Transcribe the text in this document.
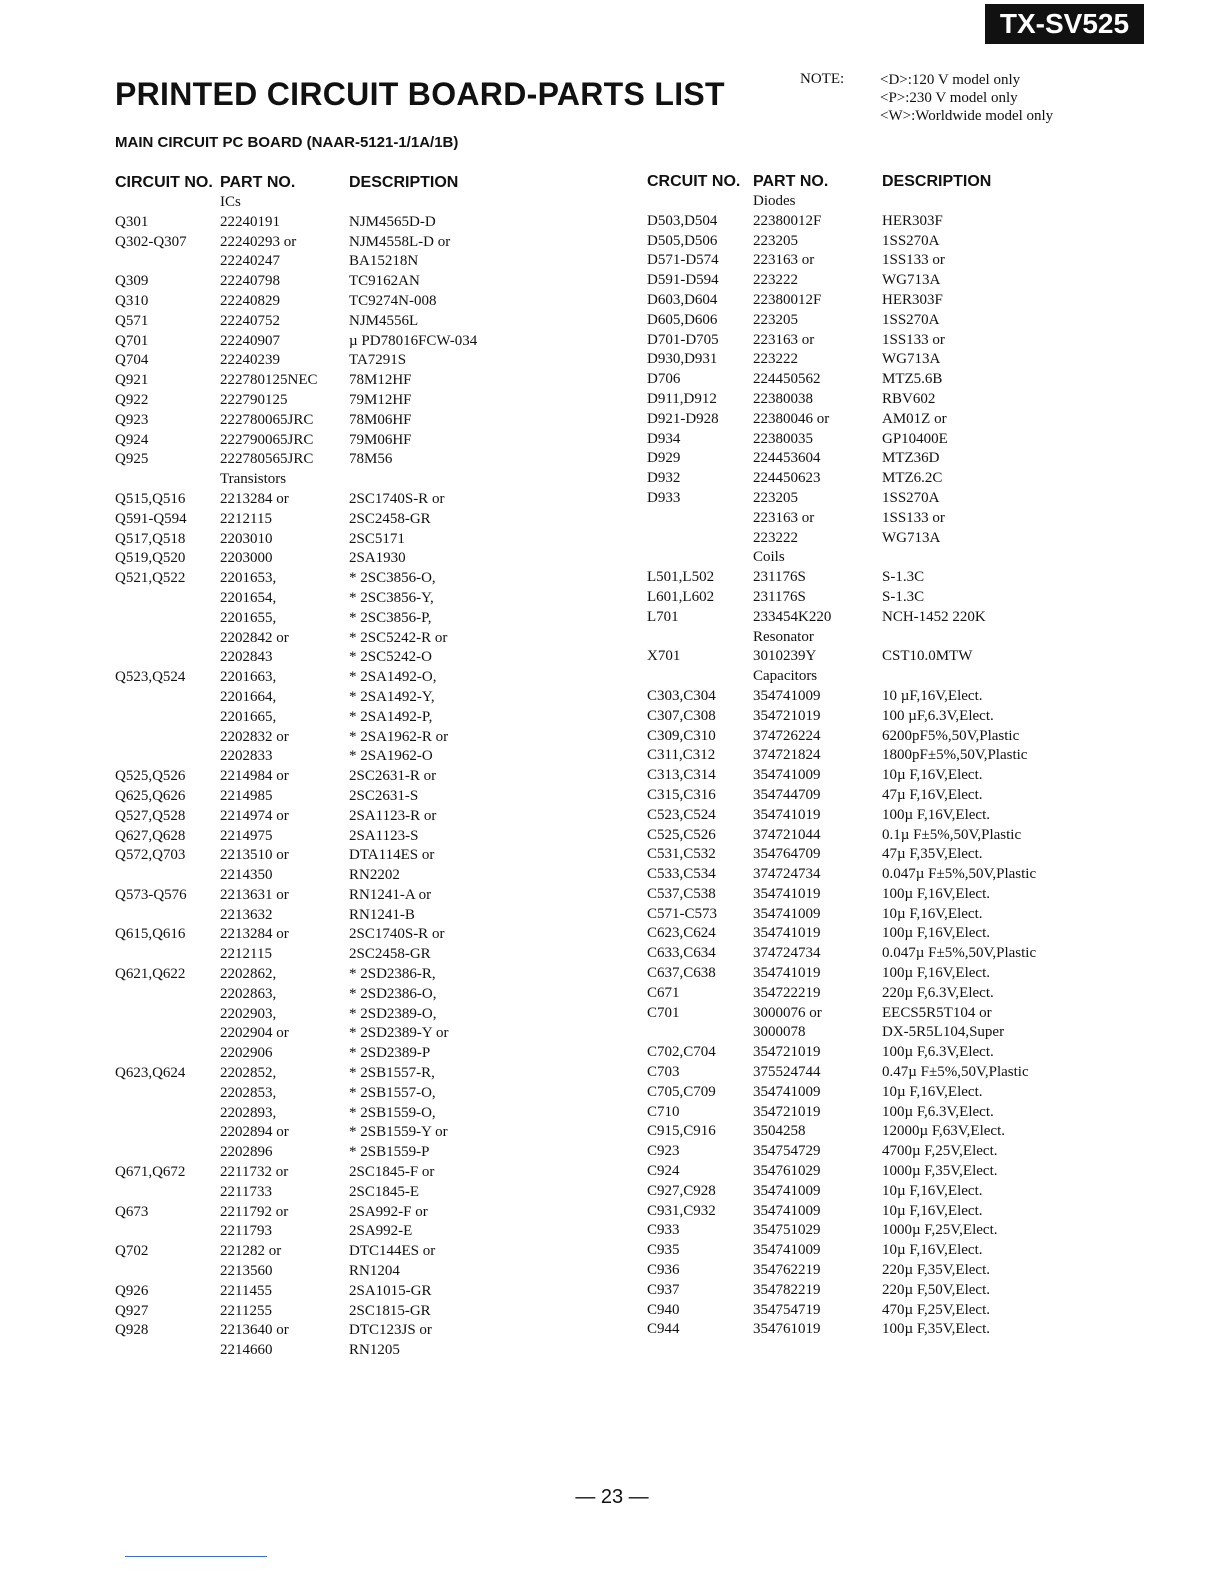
TX-SV525
PRINTED CIRCUIT BOARD-PARTS LIST
MAIN CIRCUIT PC BOARD (NAAR-5121-1/1A/1B)
NOTE: <D>:120 V model only
<P>:230 V model only
<W>:Worldwide model only
CIRCUIT NO. PART NO.	DESCRIPTION	CRCUIT NO. PART NO.	DESCRIPTION
ICs
Q301	22240191	NJM4565D-D
Q302-Q307 22240293 or	NJM4558L-D or
22240247	BA15218N
Q309	22240798	TC9162AN
Q310	22240829	TC9274N-008
Q571	22240752	NJM4556L
Q701	22240907	µ PD78016FCW-034
Q704	22240239	TA7291S
Q921	222780125NEC 78M12HF
Q922	222790125	79M12HF
Q923	222780065JRC 78M06HF
Q924	222790065JRC 79M06HF
Q925	222780565JRC 78M56
Transistors
Q515,Q516 2213284 or	2SC1740S-R or
Q591-Q594 2212115	2SC2458-GR
Q517,Q518 2203010	2SC5171
Q519,Q520 2203000	2SA1930
Q521,Q522 2201653,	* 2SC3856-O,
2201654,	* 2SC3856-Y,
2201655,	* 2SC3856-P,
2202842 or	* 2SC5242-R or
2202843	* 2SC5242-O
Q523,Q524 2201663,	* 2SA1492-O,
2201664,	* 2SA1492-Y,
2201665,	* 2SA1492-P,
2202832 or	* 2SA1962-R or
2202833	* 2SA1962-O
Q525,Q526 2214984 or	2SC2631-R or
Q625,Q626 2214985	2SC2631-S
Q527,Q528 2214974 or	2SA1123-R or
Q627,Q628 2214975	2SA1123-S
Q572,Q703 2213510 or	DTA114ES or
2214350	RN2202
Q573-Q576 2213631 or	RN1241-A or
2213632	RN1241-B
Q615,Q616 2213284 or	2SC1740S-R or
2212115	2SC2458-GR
Q621,Q622 2202862,	* 2SD2386-R,
2202863,	* 2SD2386-O,
2202903,	* 2SD2389-O,
2202904 or	* 2SD2389-Y or
2202906	* 2SD2389-P
Q623,Q624 2202852,	* 2SB1557-R,
2202853,	* 2SB1557-O,
2202893,	* 2SB1559-O,
2202894 or	* 2SB1559-Y or
2202896	* 2SB1559-P
Q671,Q672 2211732 or	2SC1845-F or
2211733	2SC1845-E
Q673	2211792 or	2SA992-F or
2211793	2SA992-E
Q702	221282 or	DTC144ES or
2213560	RN1204
Q926	2211455	2SA1015-GR
Q927	2211255	2SC1815-GR
Q928	2213640 or	DTC123JS or
2214660	RN1205
Diodes
D503,D504 22380012F	HER303F
D505,D506 223205	1SS270A
D571-D574 223163 or	1SS133 or
D591-D594 223222	WG713A
D603,D604 22380012F	HER303F
D605,D606 223205	1SS270A
D701-D705 223163 or	1SS133 or
D930,D931 223222	WG713A
D706	224450562	MTZ5.6B
D911,D912 22380038	RBV602
D921-D928 22380046 or	AM01Z or
D934	22380035	GP10400E
D929	224453604	MTZ36D
D932	224450623	MTZ6.2C
D933	223205	1SS270A
223163 or	1SS133 or
223222	WG713A
Coils
L501,L502	231176S	S-1.3C
L601,L602	231176S	S-1.3C
L701	233454K220	NCH-1452 220K
Resonator
X701	3010239Y	CST10.0MTW
Capacitors
C303,C304 354741009	10 µF,16V,Elect.
C307,C308 354721019	100 µF,6.3V,Elect.
C309,C310 374726224	6200pF5%,50V,Plastic
C311,C312	374721824	1800pF±5%,50V,Plastic
C313,C314 354741009	10µ F,16V,Elect.
C315,C316 354744709	47µ F,16V,Elect.
C523,C524 354741019	100µ F,16V,Elect.
C525,C526 374721044	0.1µ F±5%,50V,Plastic
C531,C532 354764709	47µ F,35V,Elect.
C533,C534 374724734	0.047µ F±5%,50V,Plastic
C537,C538 354741019	100µ F,16V,Elect.
C571-C573 354741009	10µ F,16V,Elect.
C623,C624 354741019	100µ F,16V,Elect.
C633,C634 374724734	0.047µ F±5%,50V,Plastic
C637,C638 354741019	100µ F,16V,Elect.
C671	354722219	220µ F,6.3V,Elect.
C701	3000076 or	EECS5R5T104 or
3000078	DX-5R5L104,Super
C702,C704 354721019	100µ F,6.3V,Elect.
C703	375524744	0.47µ F±5%,50V,Plastic
C705,C709 354741009	10µ F,16V,Elect.
C710	354721019	100µ F,6.3V,Elect.
C915,C916 3504258	12000µ F,63V,Elect.
C923	354754729	4700µ F,25V,Elect.
C924	354761029	1000µ F,35V,Elect.
C927,C928 354741009	10µ F,16V,Elect.
C931,C932 354741009	10µ F,16V,Elect.
C933	354751029	1000µ F,25V,Elect.
C935	354741009	10µ F,16V,Elect.
C936	354762219	220µ F,35V,Elect.
C937	354782219	220µ F,50V,Elect.
C940	354754719	470µ F,25V,Elect.
C944	354761019	100µ F,35V,Elect.
— 23 —
